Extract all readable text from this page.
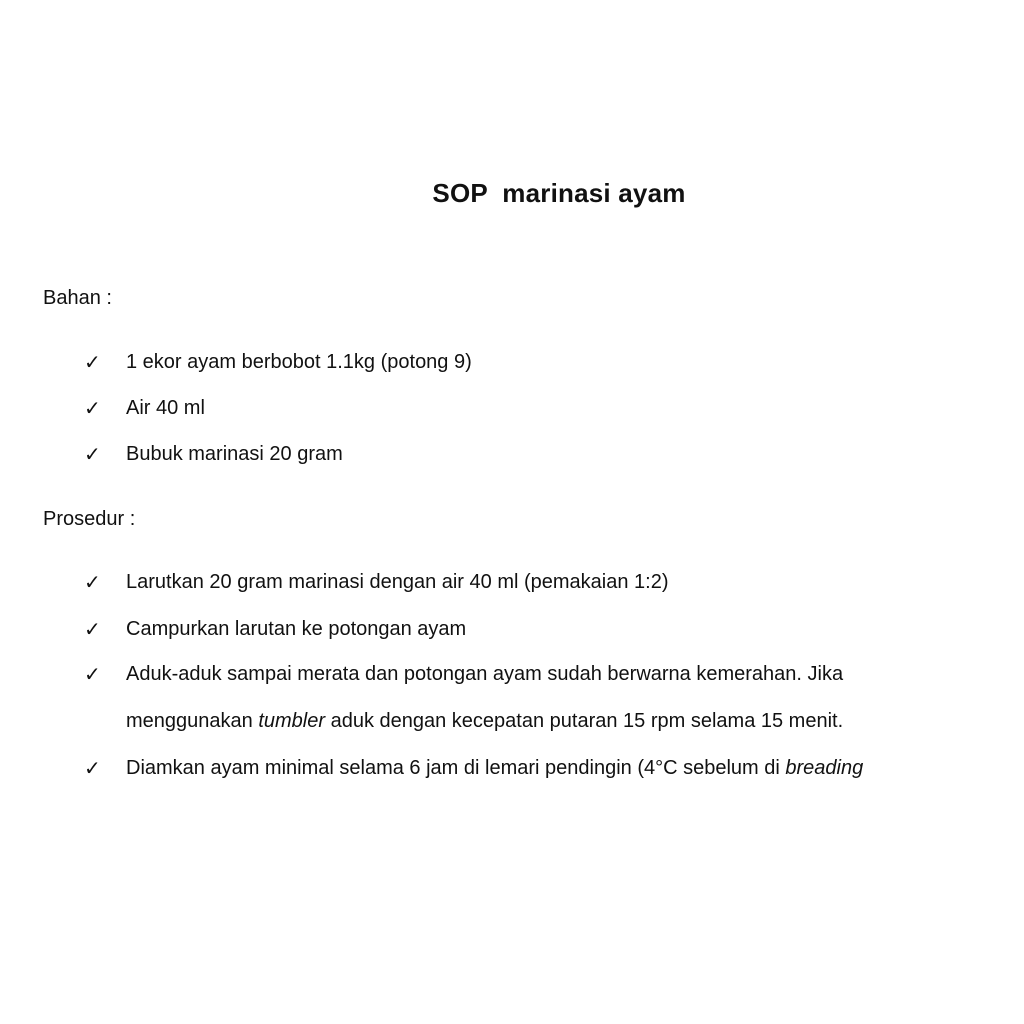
SOP  marinasi ayam
Bahan :
✓ 1 ekor ayam berbobot 1.1kg (potong 9)
✓ Air 40 ml
✓ Bubuk marinasi 20 gram
Prosedur :
✓ Larutkan 20 gram marinasi dengan air 40 ml (pemakaian 1:2)
✓ Campurkan larutan ke potongan ayam
✓ Aduk-aduk sampai merata dan potongan ayam sudah berwarna kemerahan. Jika
menggunakan tumbler aduk dengan kecepatan putaran 15 rpm selama 15 menit.
✓ Diamkan ayam minimal selama 6 jam di lemari pendingin (4°C sebelum di breading
